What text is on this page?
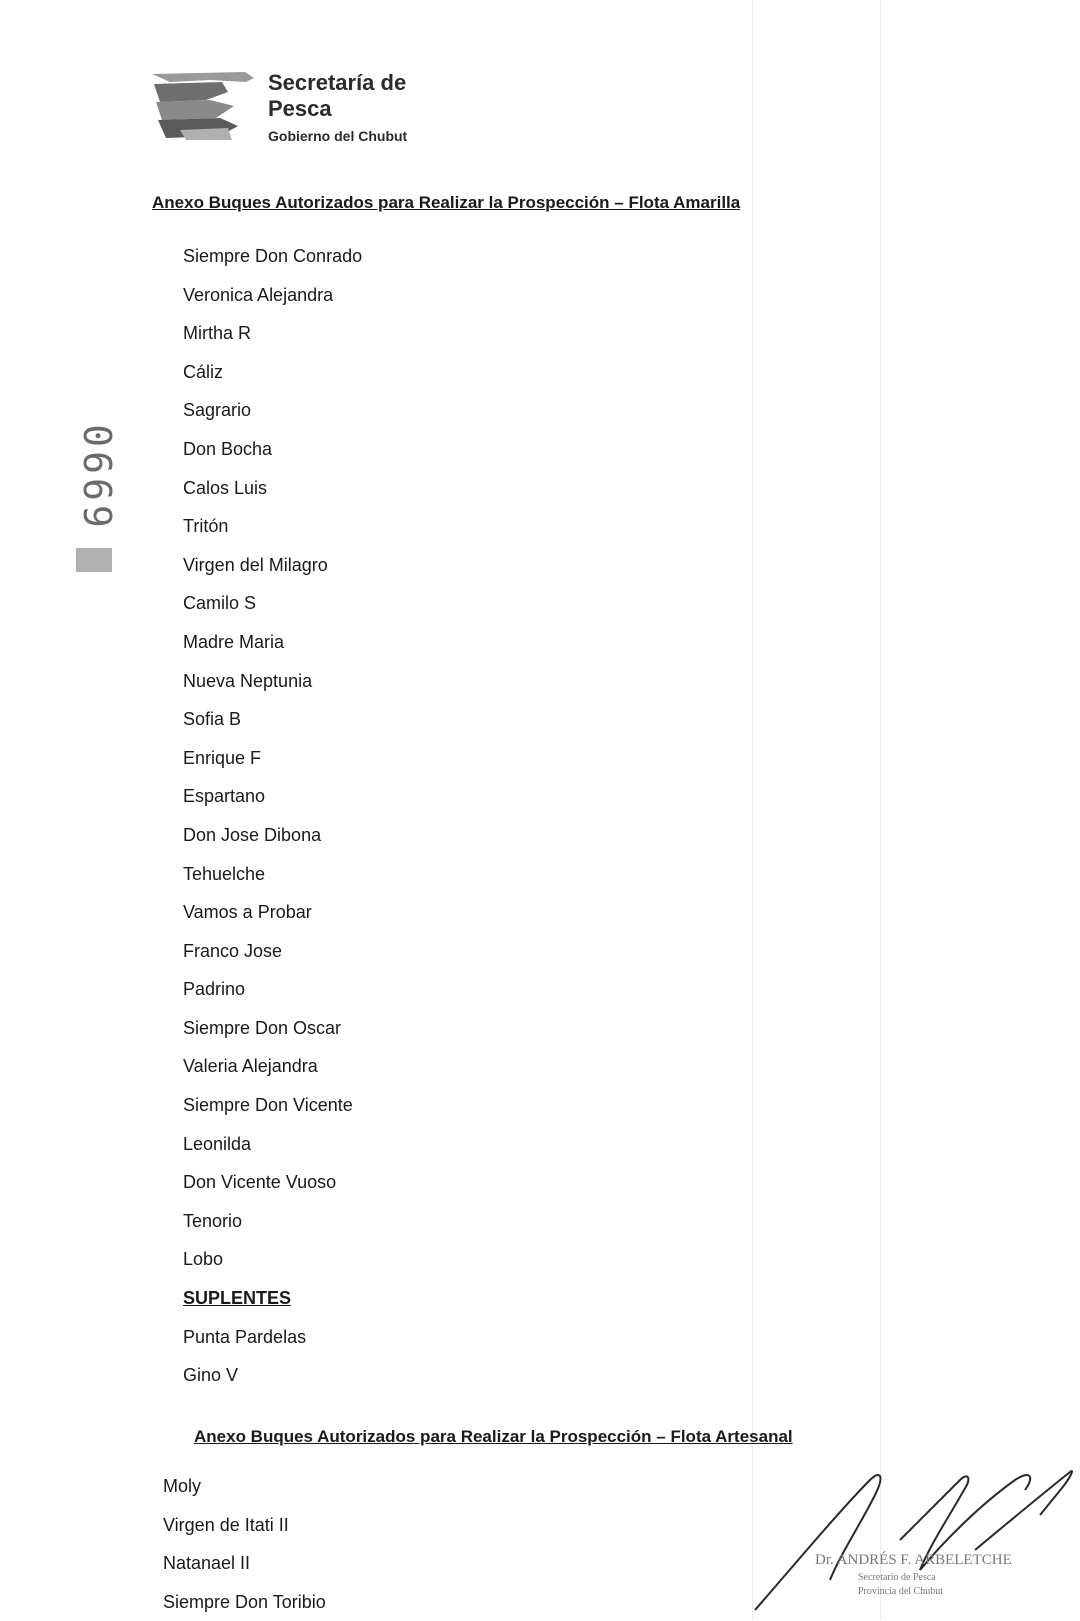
Secretaría de
Pesca
Gobierno del Chubut
0669
Anexo Buques Autorizados para Realizar la Prospección – Flota Amarilla
Siempre Don Conrado
Veronica Alejandra
Mirtha R
Cáliz
Sagrario
Don Bocha
Calos Luis
Tritón
Virgen del Milagro
Camilo S
Madre Maria
Nueva Neptunia
Sofia B
Enrique F
Espartano
Don Jose Dibona
Tehuelche
Vamos a Probar
Franco Jose
Padrino
Siempre Don Oscar
Valeria Alejandra
Siempre Don Vicente
Leonilda
Don Vicente Vuoso
Tenorio
Lobo
SUPLENTES
Punta Pardelas
Gino V
Anexo Buques Autorizados para Realizar la Prospección – Flota Artesanal
Moly
Virgen de Itati II
Natanael II
Siempre Don Toribio
Dr. ANDRÉS F. ARBELETCHE
Secretario de Pesca
Provincia del Chubut
